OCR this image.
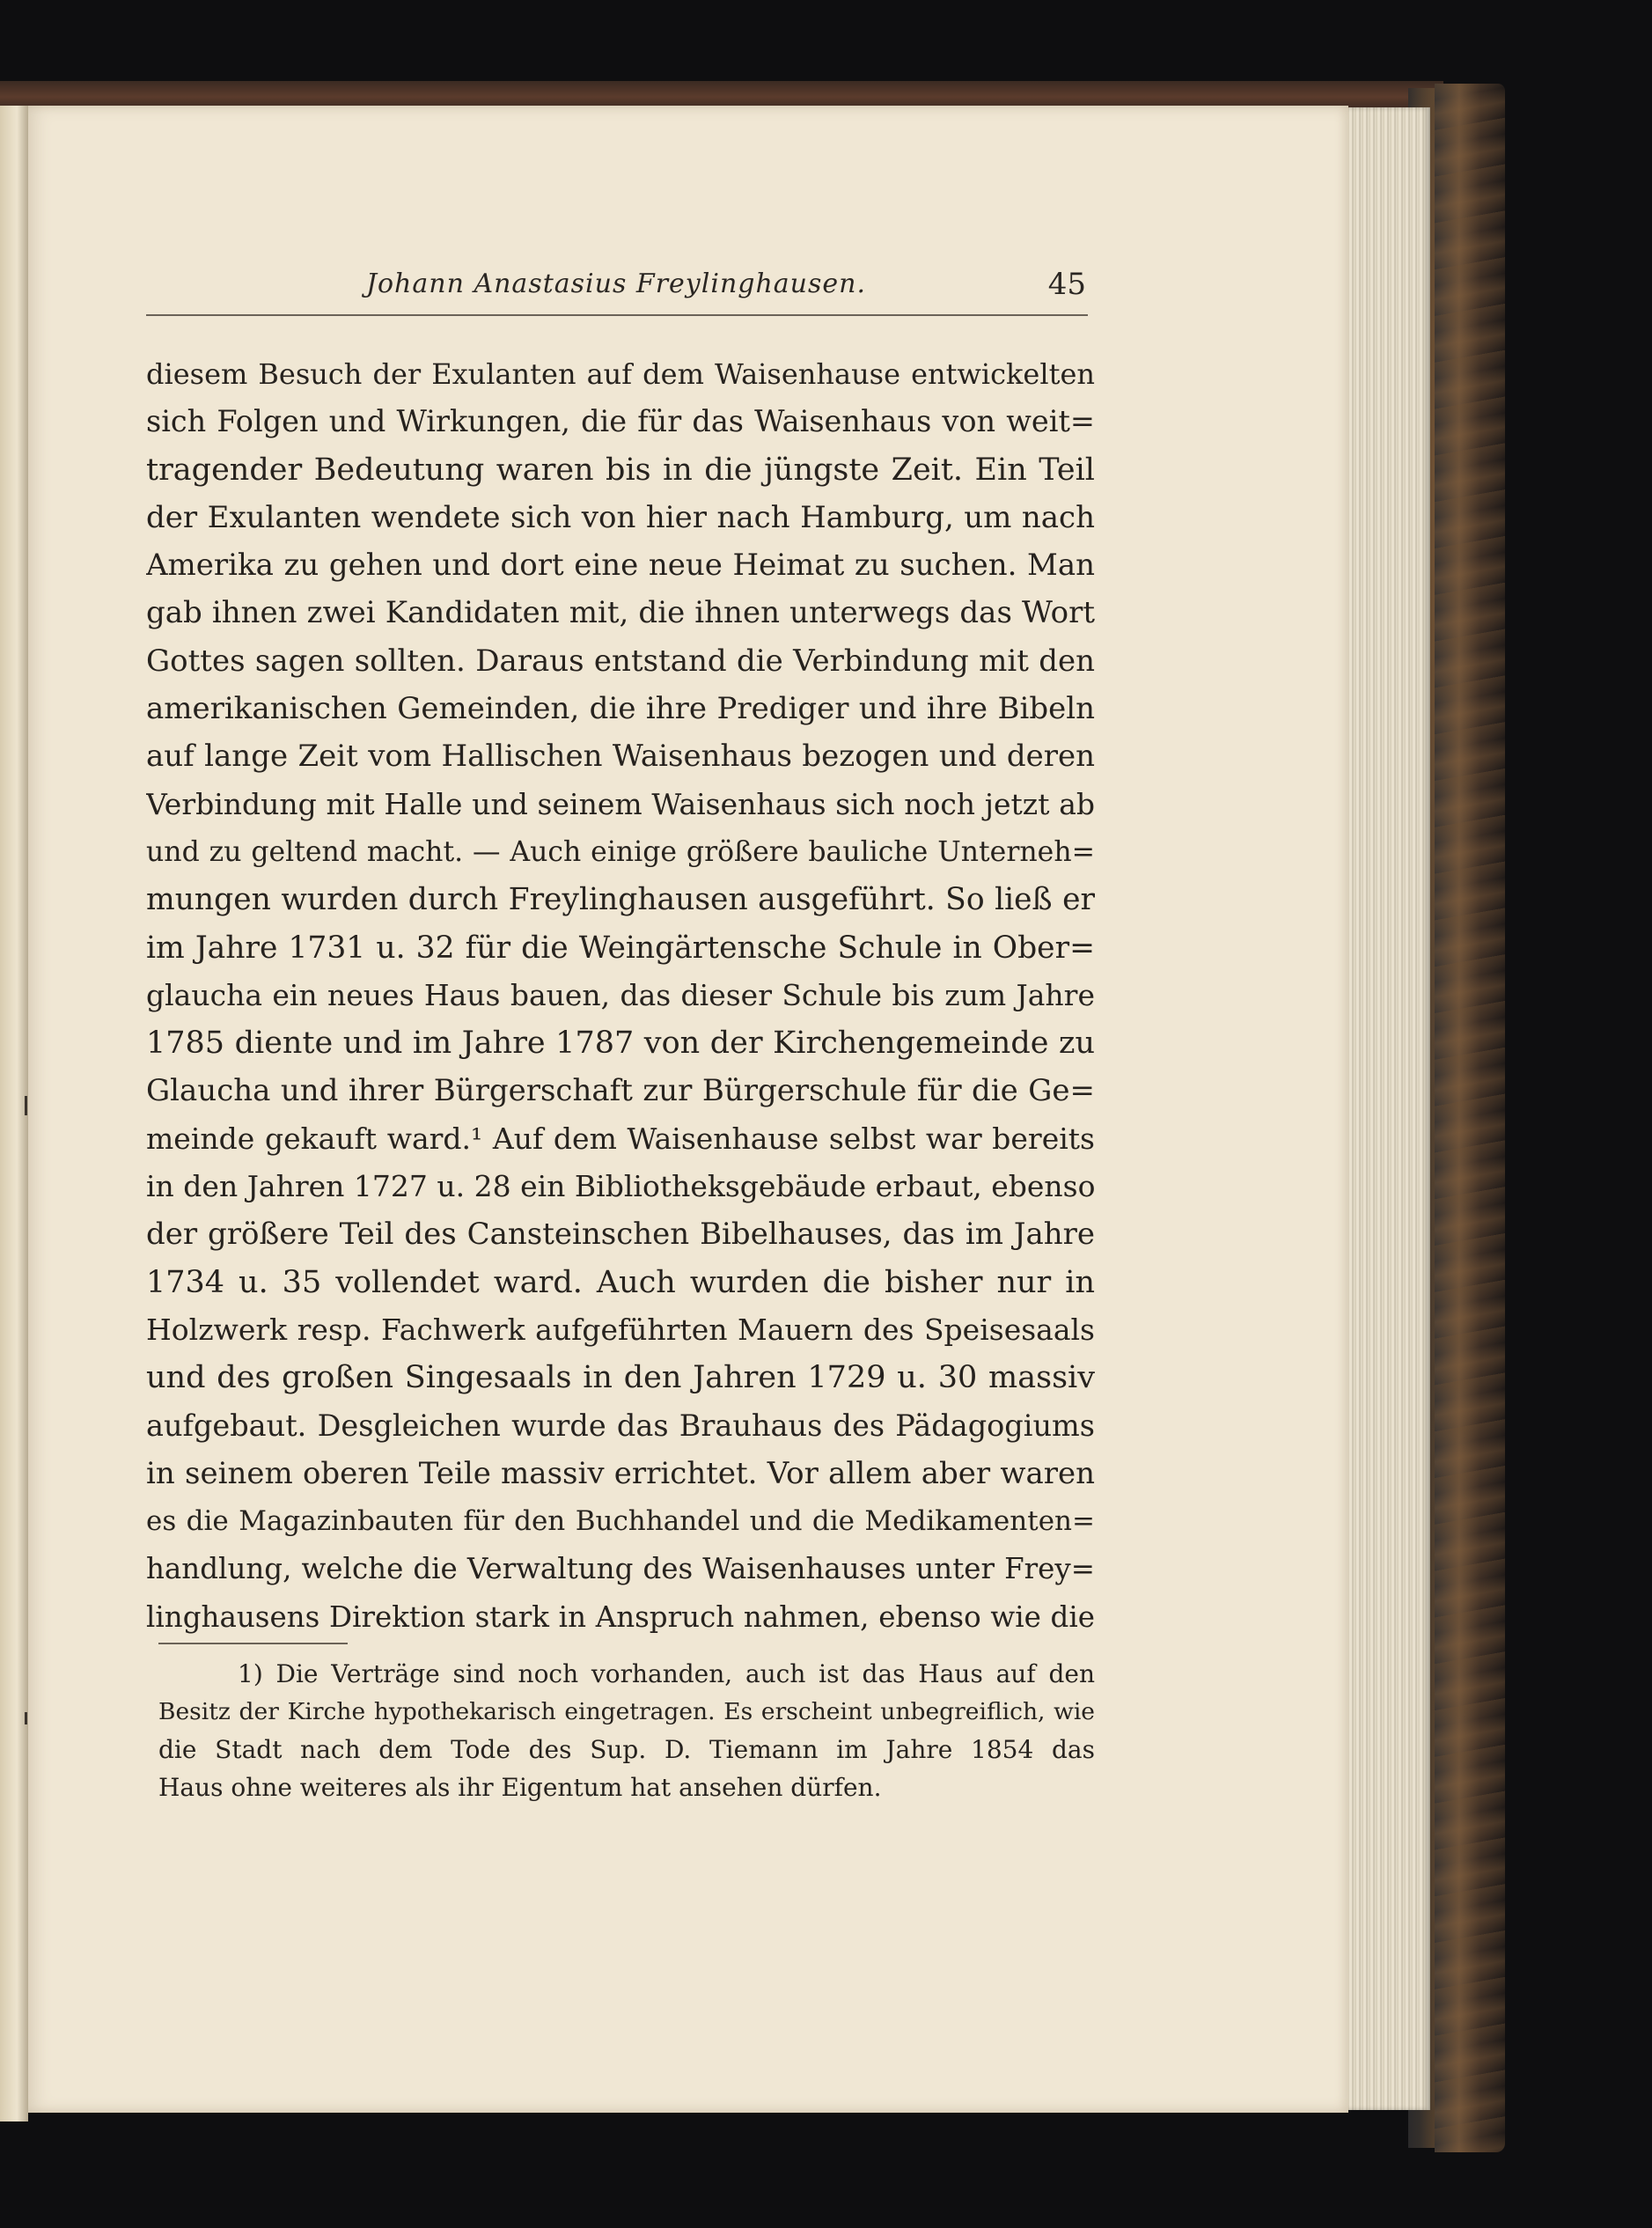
Johann Anastasius Freylinghausen.	45
diesem Besuch der Exulanten auf dem Waisenhause entwickelten
sich Folgen und Wirkungen, die für das Waisenhaus von weit=
tragender Bedeutung waren bis in die jüngste Zeit. Ein Teil
der Exulanten wendete sich von hier nach Hamburg, um nach
Amerika zu gehen und dort eine neue Heimat zu suchen. Man
gab ihnen zwei Kandidaten mit, die ihnen unterwegs das Wort
Gottes sagen sollten. Daraus entstand die Verbindung mit den
amerikanischen Gemeinden, die ihre Prediger und ihre Bibeln
auf lange Zeit vom Hallischen Waisenhaus bezogen und deren
Verbindung mit Halle und seinem Waisenhaus sich noch jetzt ab
und zu geltend macht. — Auch einige größere bauliche Unterneh=
mungen wurden durch Freylinghausen ausgeführt. So ließ er
im Jahre 1731 u. 32 für die Weingärtensche Schule in Ober=
glaucha ein neues Haus bauen, das dieser Schule bis zum Jahre
1785 diente und im Jahre 1787 von der Kirchengemeinde zu
Glaucha und ihrer Bürgerschaft zur Bürgerschule für die Ge=
meinde gekauft ward.¹ Auf dem Waisenhause selbst war bereits
in den Jahren 1727 u. 28 ein Bibliotheksgebäude erbaut, ebenso
der größere Teil des Cansteinschen Bibelhauses, das im Jahre
1734 u. 35 vollendet ward. Auch wurden die bisher nur in
Holzwerk resp. Fachwerk aufgeführten Mauern des Speisesaals
und des großen Singesaals in den Jahren 1729 u. 30 massiv
aufgebaut. Desgleichen wurde das Brauhaus des Pädagogiums
in seinem oberen Teile massiv errichtet. Vor allem aber waren
es die Magazinbauten für den Buchhandel und die Medikamenten=
handlung, welche die Verwaltung des Waisenhauses unter Frey=
linghausens Direktion stark in Anspruch nahmen, ebenso wie die
1) Die Verträge sind noch vorhanden, auch ist das Haus auf den
Besitz der Kirche hypothekarisch eingetragen. Es erscheint unbegreiflich, wie
die Stadt nach dem Tode des Sup. D. Tiemann im Jahre 1854 das
Haus ohne weiteres als ihr Eigentum hat ansehen dürfen.
